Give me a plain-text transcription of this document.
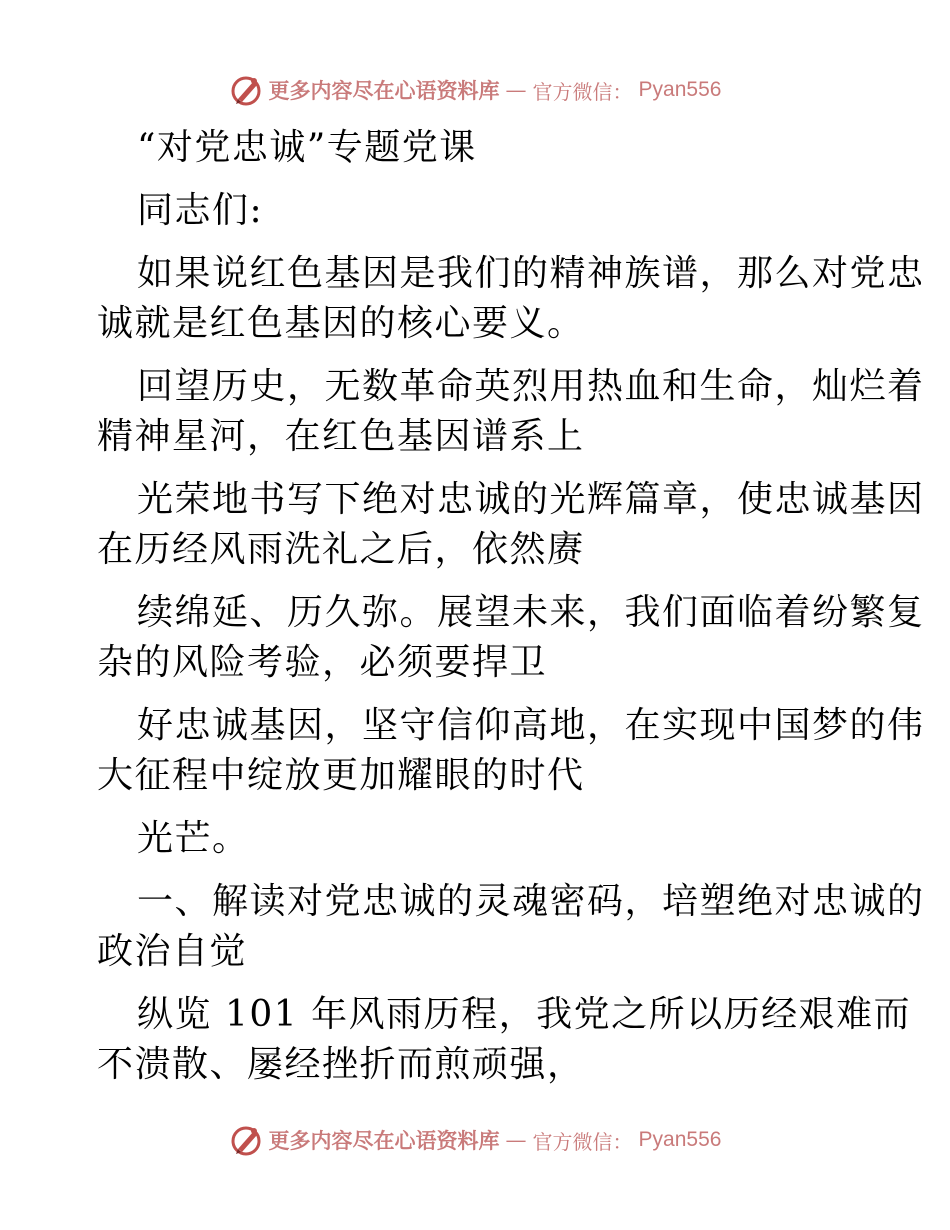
更多内容尽在心语资料库 — 官方微信： Pyan556

“对党忠诚”专题党课

同志们:

如果说红色基因是我们的精神族谱，那么对党忠

诚就是红色基因的核心要义。

回望历史，无数革命英烈用热血和生命，灿烂着

精神星河，在红色基因谱系上

光荣地书写下绝对忠诚的光辉篇章，使忠诚基因

在历经风雨洗礼之后，依然赓

续绵延、历久弥。展望未来，我们面临着纷繁复

杂的风险考验，必须要捍卫

好忠诚基因，坚守信仰高地，在实现中国梦的伟

大征程中绽放更加耀眼的时代

光芒。

一、解读对党忠诚的灵魂密码，培塑绝对忠诚的

政治自觉

纵览 101 年风雨历程，我党之所以历经艰难而

不溃散、屡经挫折而煎顽强，

更多内容尽在心语资料库 — 官方微信： Pyan556
